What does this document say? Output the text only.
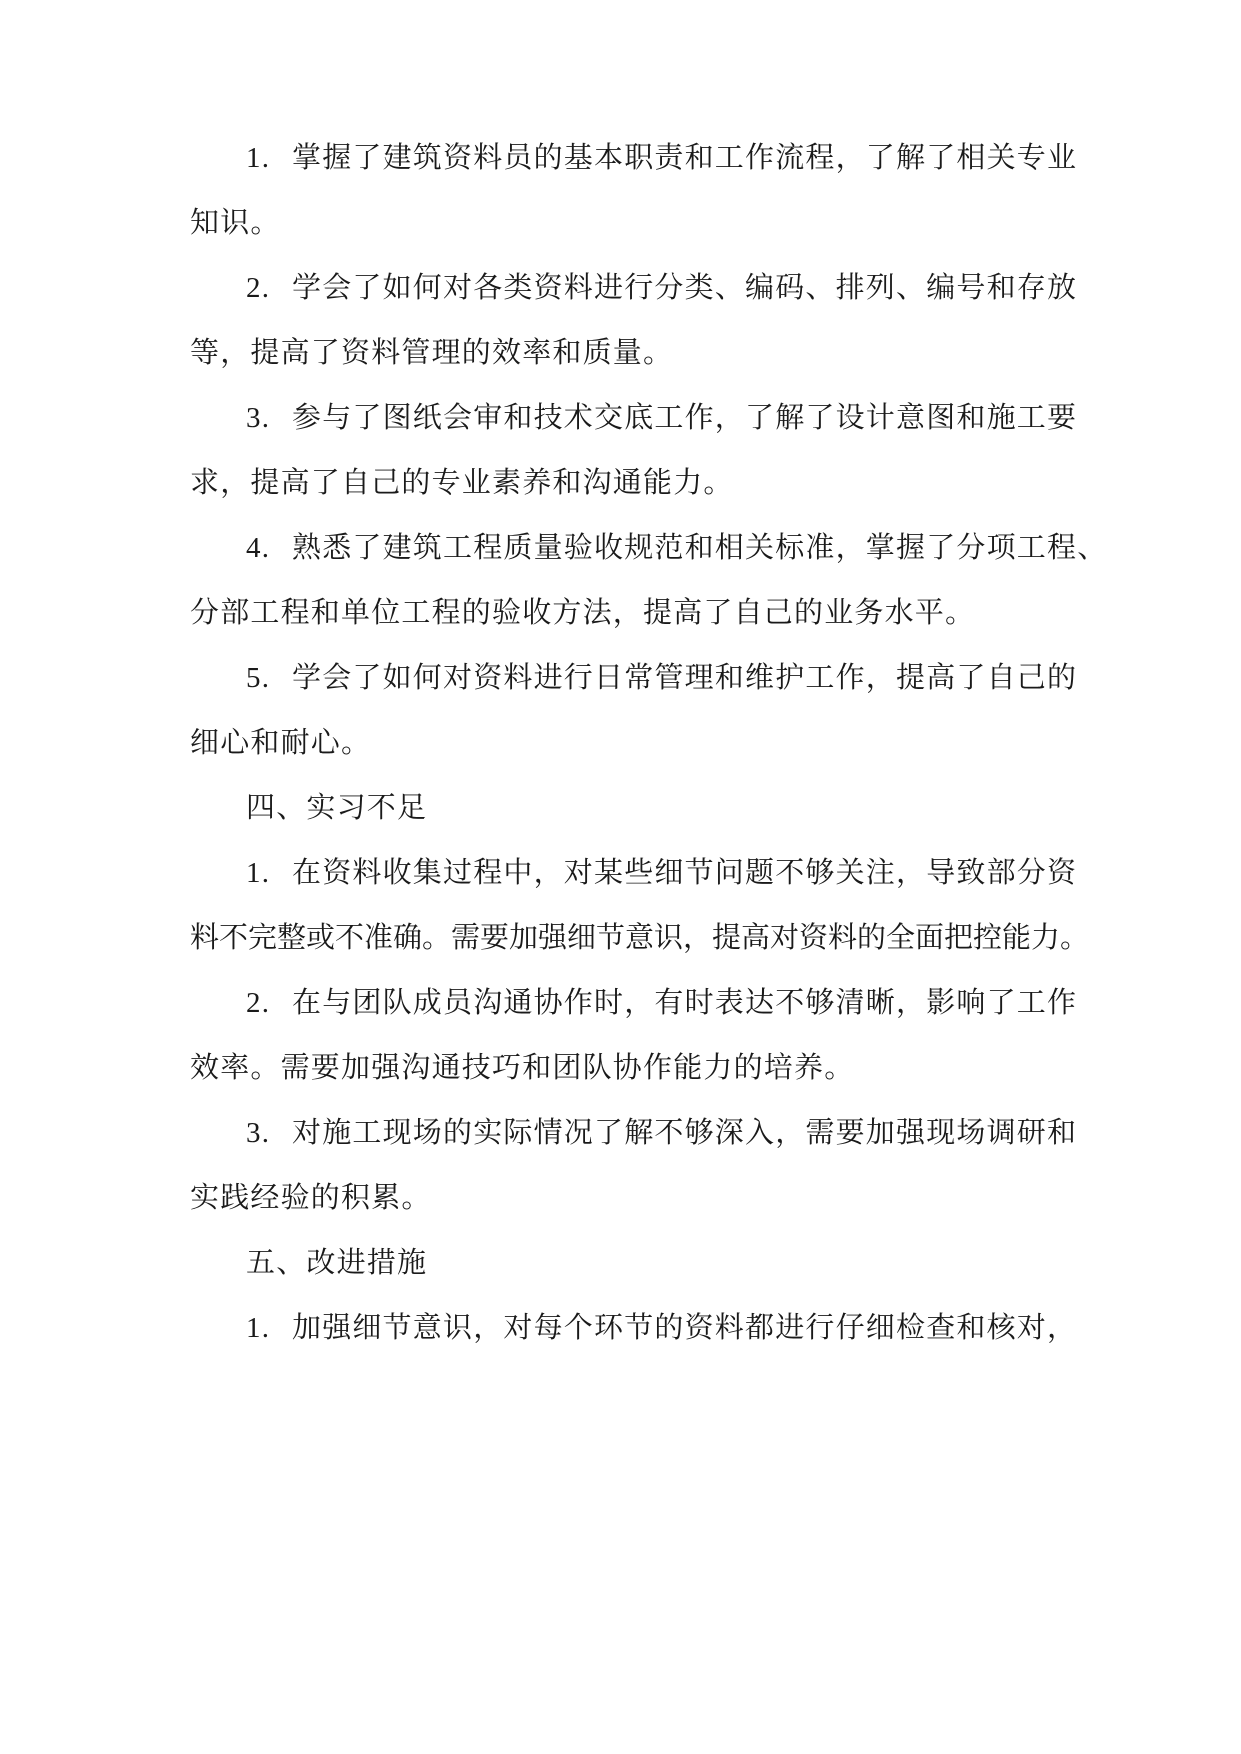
1. 掌握了建筑资料员的基本职责和工作流程，了解了相关专业
知识。
2. 学会了如何对各类资料进行分类、编码、排列、编号和存放
等，提高了资料管理的效率和质量。
3. 参与了图纸会审和技术交底工作，了解了设计意图和施工要
求，提高了自己的专业素养和沟通能力。
4. 熟悉了建筑工程质量验收规范和相关标准，掌握了分项工程、
分部工程和单位工程的验收方法，提高了自己的业务水平。
5. 学会了如何对资料进行日常管理和维护工作，提高了自己的
细心和耐心。
四、实习不足
1. 在资料收集过程中，对某些细节问题不够关注，导致部分资
料不完整或不准确。需要加强细节意识，提高对资料的全面把控能力。
2. 在与团队成员沟通协作时，有时表达不够清晰，影响了工作
效率。需要加强沟通技巧和团队协作能力的培养。
3. 对施工现场的实际情况了解不够深入，需要加强现场调研和
实践经验的积累。
五、改进措施
1. 加强细节意识，对每个环节的资料都进行仔细检查和核对，
